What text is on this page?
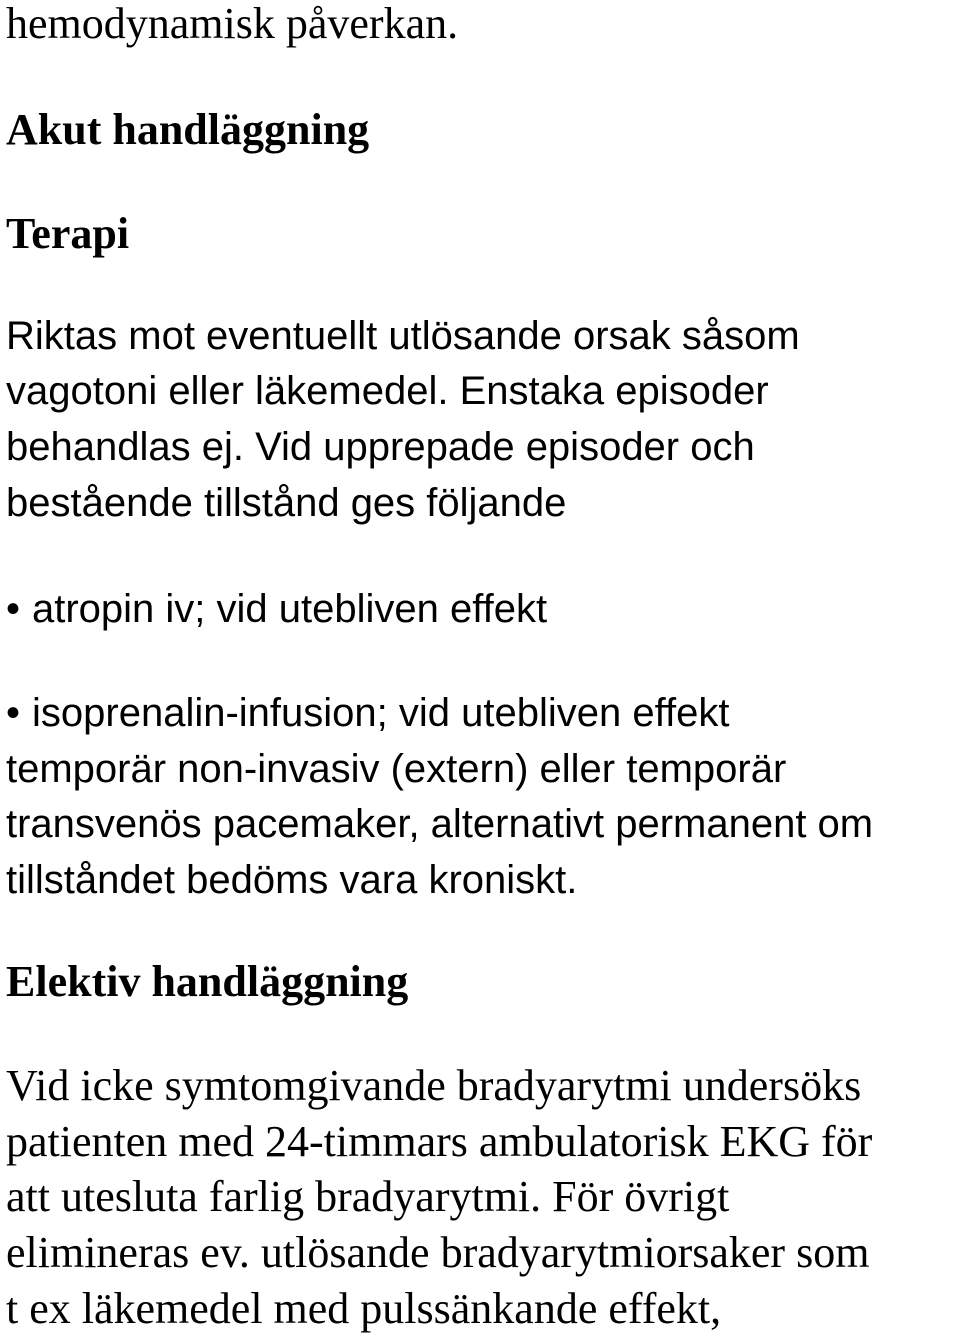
hemodynamisk påverkan.
Akut handläggning
Terapi
Riktas mot eventuellt utlösande orsak såsom
vagotoni eller läkemedel. Enstaka episoder
behandlas ej. Vid upprepade episoder och
bestående tillstånd ges följande
• atropin iv; vid utebliven effekt
• isoprenalin-infusion; vid utebliven effekt
temporär non-invasiv (extern) eller temporär
transvenös pacemaker, alternativt permanent om
tillståndet bedöms vara kroniskt.
Elektiv handläggning
Vid icke symtomgivande bradyarytmi undersöks
patienten med 24-timmars ambulatorisk EKG för
att utesluta farlig bradyarytmi. För övrigt
elimineras ev. utlösande bradyarytmiorsaker som
t ex läkemedel med pulssänkande effekt,
